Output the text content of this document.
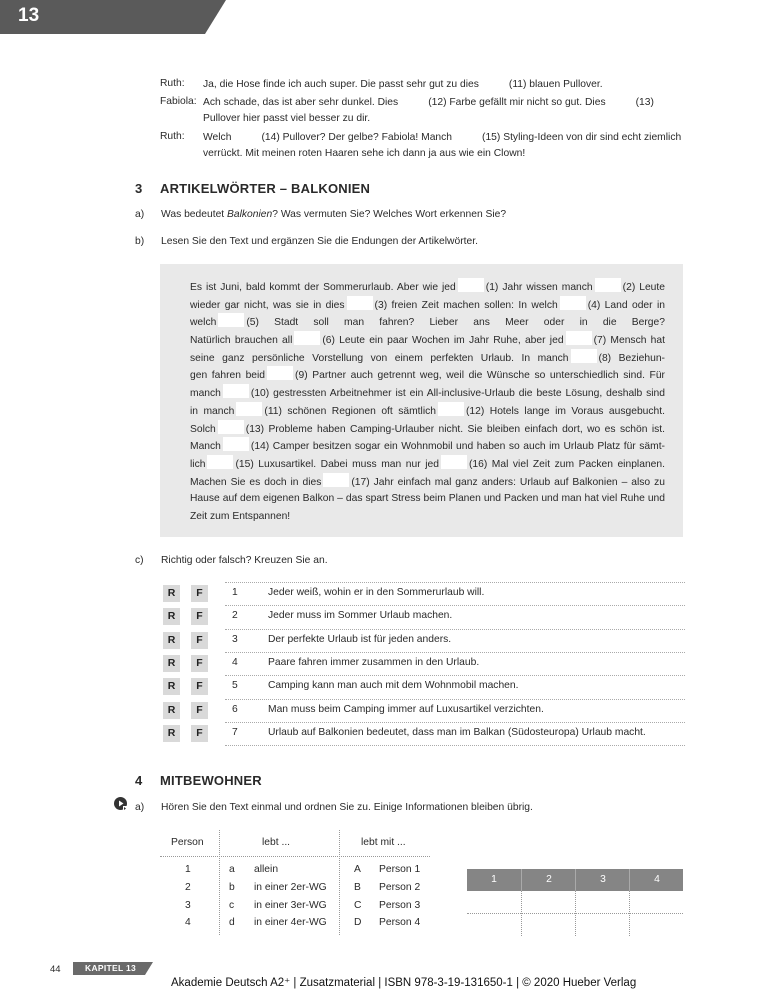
13
Ruth: Ja, die Hose finde ich auch super. Die passt sehr gut zu dies	(11) blauen Pullover.
Fabiola: Ach schade, das ist aber sehr dunkel. Dies	(12) Farbe gefällt mir nicht so gut. Dies	(13)
Pullover hier passt viel besser zu dir.
Ruth: Welch	(14) Pullover? Der gelbe? Fabiola! Manch	(15) Styling-Ideen von dir sind echt ziemlich
verrückt. Mit meinen roten Haaren sehe ich dann ja aus wie ein Clown!
3 ARTIKELWÖRTER – BALKONIEN
a) Was bedeutet Balkonien? Was vermuten Sie? Welches Wort erkennen Sie?
b) Lesen Sie den Text und ergänzen Sie die Endungen der Artikelwörter.
Es ist Juni, bald kommt der Sommerurlaub. Aber wie jed	(1) Jahr wissen manch	(2) Leute
wieder gar nicht, was sie in dies	(3) freien Zeit machen sollen: In welch	(4) Land oder in
welch	(5) Stadt soll man fahren? Lieber ans Meer oder in die Berge?
Natürlich brauchen all	(6) Leute ein paar Wochen im Jahr Ruhe, aber jed	(7) Mensch hat
seine ganz persönliche Vorstellung von einem perfekten Urlaub. In manch	(8) Beziehun-
gen fahren beid	(9) Partner auch getrennt weg, weil die Wünsche so unterschiedlich sind. Für
manch	(10) gestressten Arbeitnehmer ist ein All-inclusive-Urlaub die beste Lösung, deshalb sind
in manch	(11) schönen Regionen oft sämtlich	(12) Hotels lange im Voraus ausgebucht.
Solch	(13) Probleme haben Camping-Urlauber nicht. Sie bleiben einfach dort, wo es schön ist.
Manch	(14) Camper besitzen sogar ein Wohnmobil und haben so auch im Urlaub Platz für sämt-
lich	(15) Luxusartikel. Dabei muss man nur jed	(16) Mal viel Zeit zum Packen einplanen.
Machen Sie es doch in dies	(17) Jahr einfach mal ganz anders: Urlaub auf Balkonien – also zu
Hause auf dem eigenen Balkon – das spart Stress beim Planen und Packen und man hat viel Ruhe und
Zeit zum Entspannen!
c) Richtig oder falsch? Kreuzen Sie an.
R	F	1	Jeder weiß, wohin er in den Sommerurlaub will.
R	F	2	Jeder muss im Sommer Urlaub machen.
R	F	3	Der perfekte Urlaub ist für jeden anders.
R	F	4	Paare fahren immer zusammen in den Urlaub.
R	F	5	Camping kann man auch mit dem Wohnmobil machen.
R	F	6	Man muss beim Camping immer auf Luxusartikel verzichten.
R	F	7	Urlaub auf Balkonien bedeutet, dass man im Balkan (Südosteuropa) Urlaub macht.
4 MITBEWOHNER
a) Hören Sie den Text einmal und ordnen Sie zu. Einige Informationen bleiben übrig.
Person	lebt ...	lebt mit ...
1	a allein	A Person 1
2	b in einer 2er-WG	B Person 2
3	c in einer 3er-WG	C Person 3
4	d in einer 4er-WG	D Person 4
1	2	3	4
44	KAPITEL 13
Akademie Deutsch A2⁺ | Zusatzmaterial | ISBN 978-3-19-131650-1 | © 2020 Hueber Verlag
